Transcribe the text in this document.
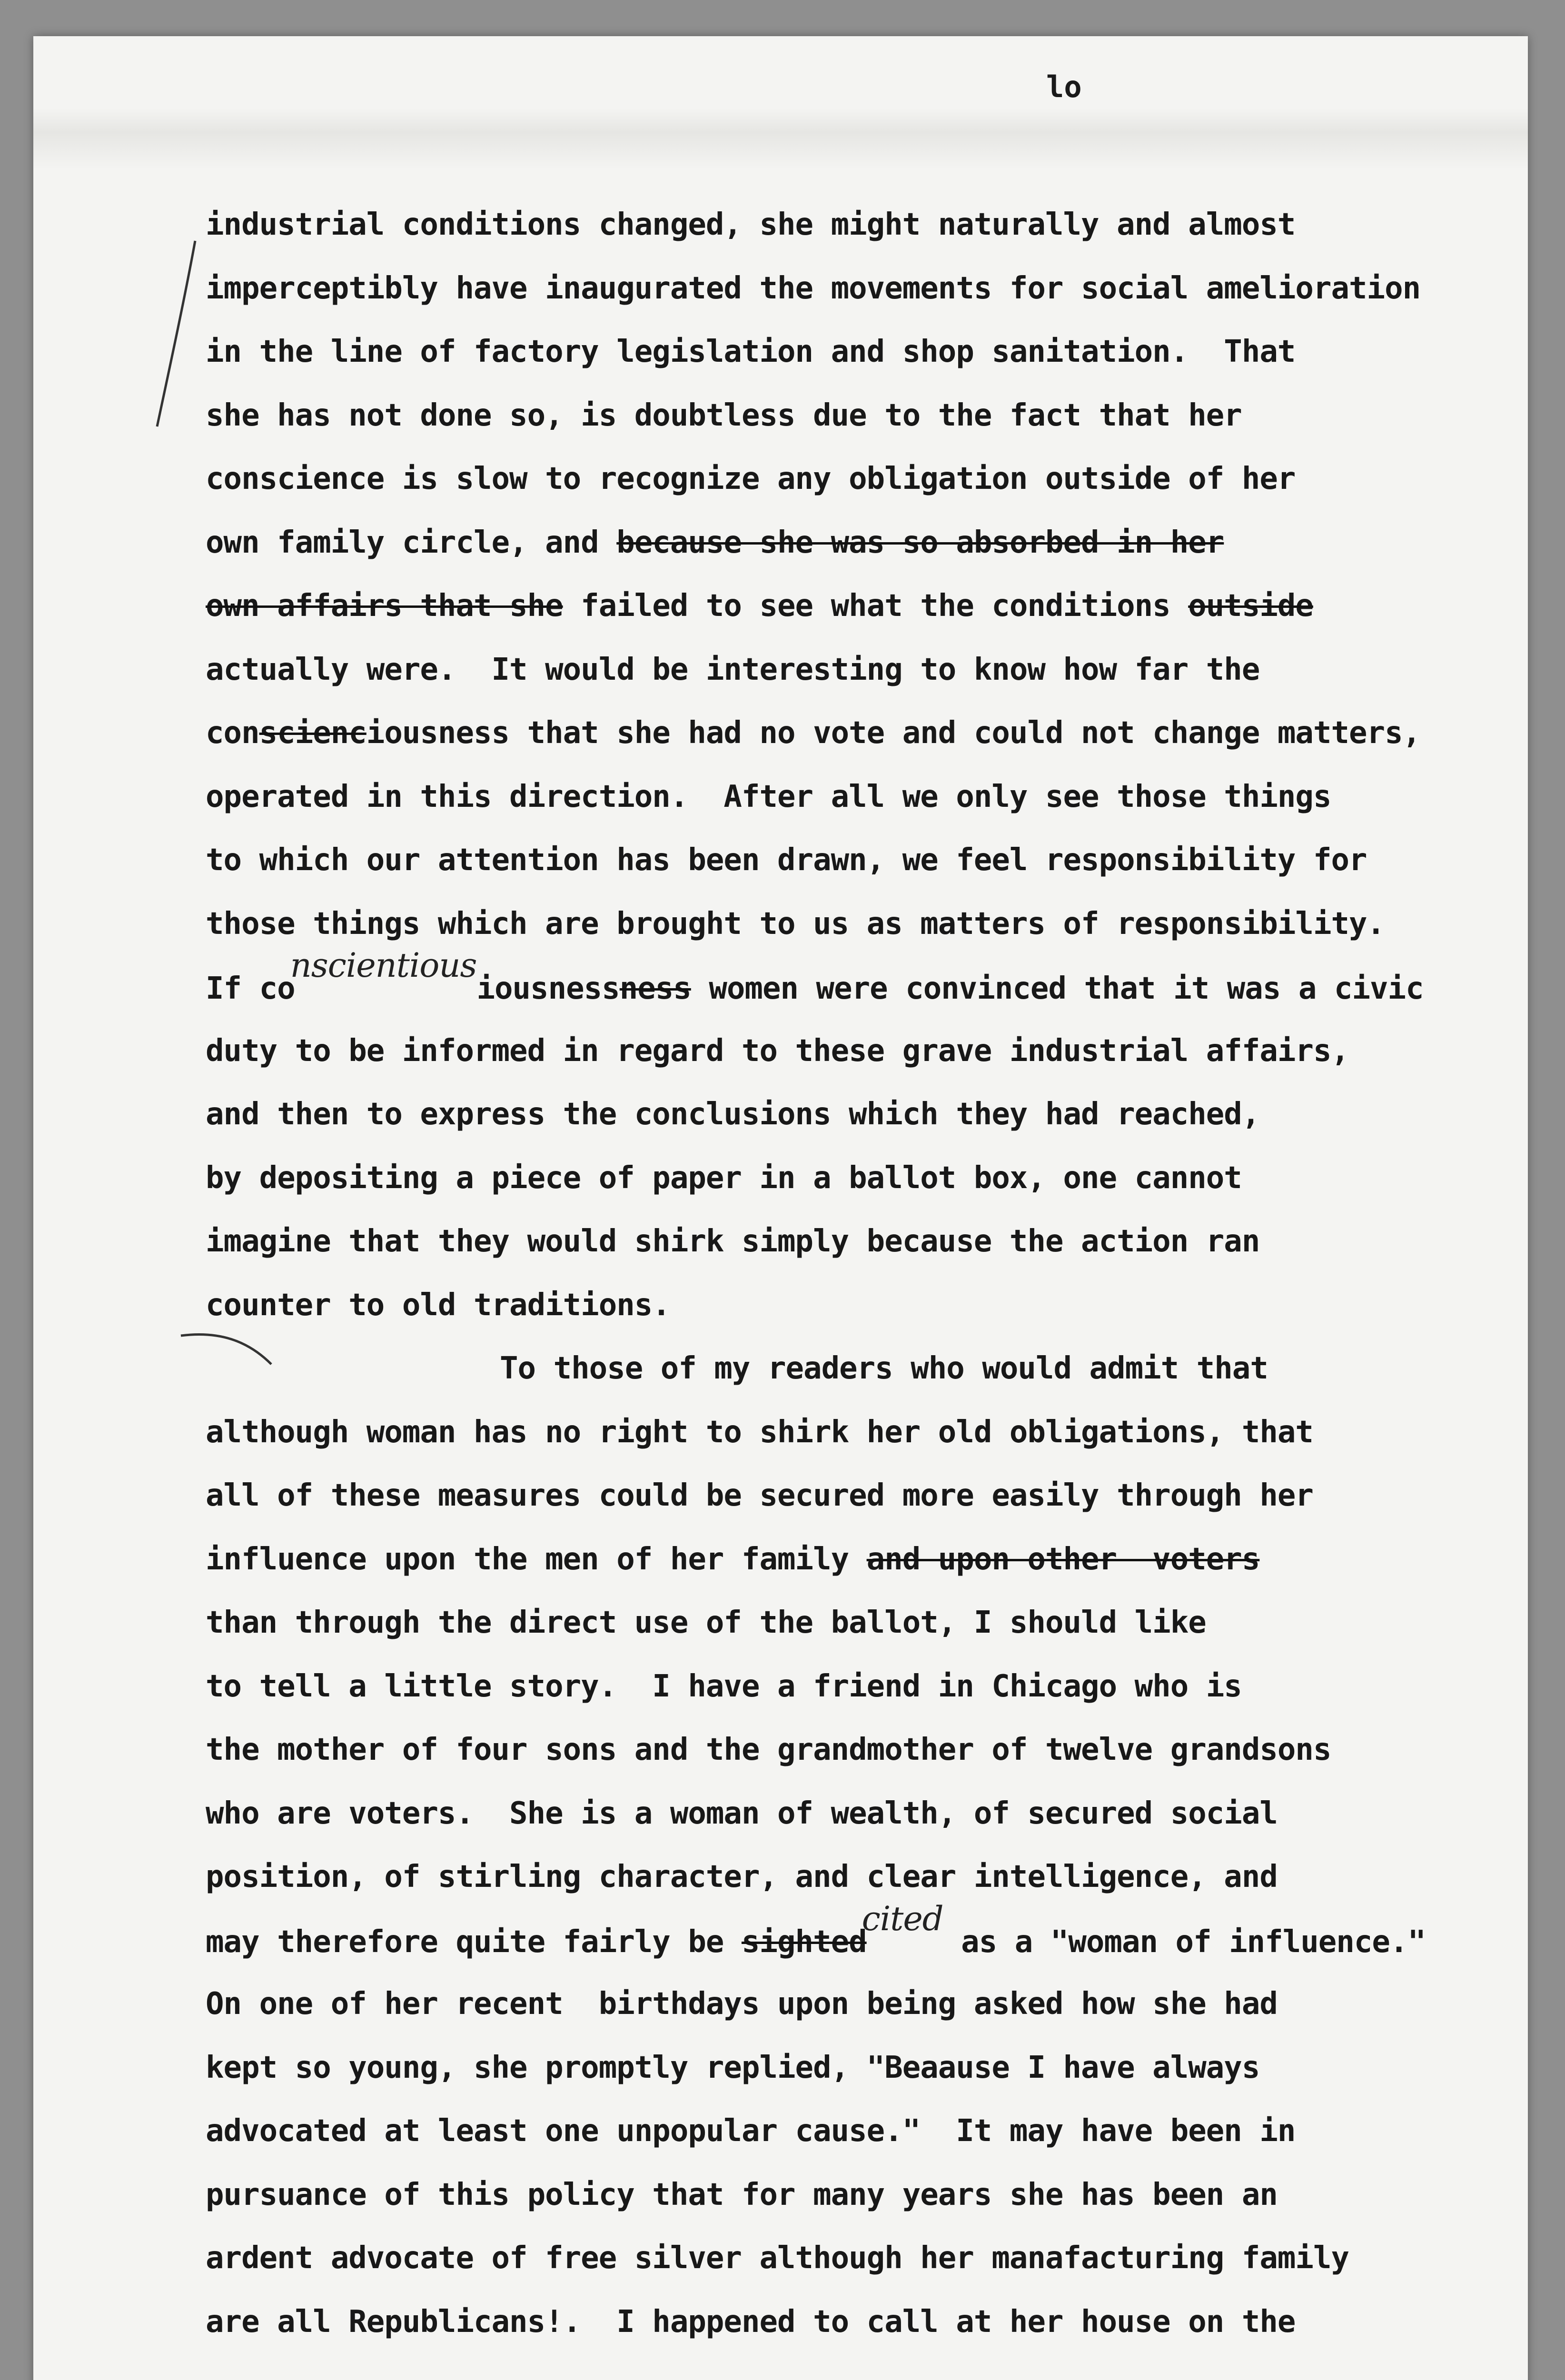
lo
industrial conditions changed, she might naturally and almost
imperceptibly have inaugurated the movements for social amelioration
in the line of factory legislation and shop sanitation.  That
she has not done so, is doubtless due to the fact that her
conscience is slow to recognize any obligation outside of her
own family circle, and because she was so absorbed in her
own affairs that she failed to see what the conditions outside
actually were.  It would be interesting to know how far the
conscienciousness that she had no vote and could not change matters,
operated in this direction.  After all we only see those things
to which our attention has been drawn, we feel responsibility for
those things which are brought to us as matters of responsibility.
If conscientiousiousnessness women were convinced that it was a civic
duty to be informed in regard to these grave industrial affairs,
and then to express the conclusions which they had reached,
by depositing a piece of paper in a ballot box, one cannot
imagine that they would shirk simply because the action ran
counter to old traditions.
To those of my readers who would admit that
although woman has no right to shirk her old obligations, that
all of these measures could be secured more easily through her
influence upon the men of her family and upon other  voters
than through the direct use of the ballot, I should like
to tell a little story.  I have a friend in Chicago who is
the mother of four sons and the grandmother of twelve grandsons
who are voters.  She is a woman of wealth, of secured social
position, of stirling character, and clear intelligence, and
may therefore quite fairly be sightedcited as a "woman of influence."
On one of her recent  birthdays upon being asked how she had
kept so young, she promptly replied, "Beaause I have always
advocated at least one unpopular cause."  It may have been in
pursuance of this policy that for many years she has been an
ardent advocate of free silver although her manafacturing family
are all Republicans!.  I happened to call at her house on the
